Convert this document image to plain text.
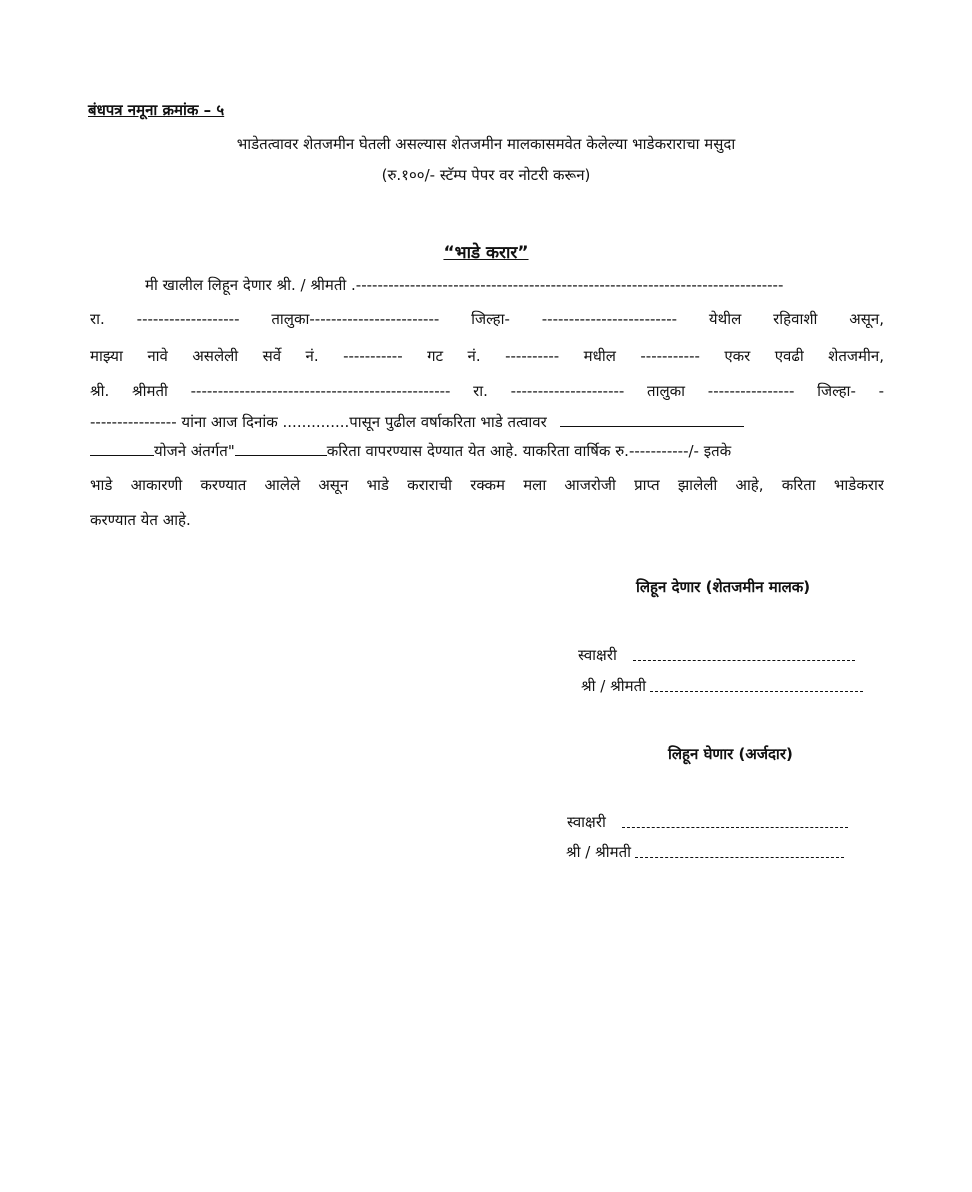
बंधपत्र नमूना क्रमांक – ५
भाडेतत्वावर शेतजमीन घेतली असल्यास शेतजमीन मालकासमवेत केलेल्या भाडेकराराचा मसुदा
(रु.१००/- स्टॅम्प पेपर वर नोटरी करून)
“भाडे करार”
मी खालील लिहून देणार श्री. / श्रीमती .-------------------------------------------------------------------------------
रा. ------------------- तालुका------------------------ जिल्हा- ------------------------- येथील रहिवाशी असून,
माझ्या नावे असलेली सर्वे नं. ----------- गट नं. ---------- मधील ----------- एकर एवढी शेतजमीन,
श्री. श्रीमती ------------------------------------------------ रा. --------------------- तालुका ---------------- जिल्हा- -
---------------- यांना आज दिनांक ..............पासून पुढील वर्षाकरिता भाडे तत्वावर
योजने अंतर्गत"	करिता वापरण्यास देण्यात येत आहे. याकरिता वार्षिक रु.-----------/- इतके
भाडे आकारणी करण्यात आलेले असून भाडे कराराची रक्कम मला आजरोजी प्राप्त झालेली आहे, करिता भाडेकरार
करण्यात येत आहे.
लिहून देणार (शेतजमीन मालक)
स्वाक्षरी
श्री / श्रीमती
लिहून घेणार (अर्जदार)
स्वाक्षरी
श्री / श्रीमती
